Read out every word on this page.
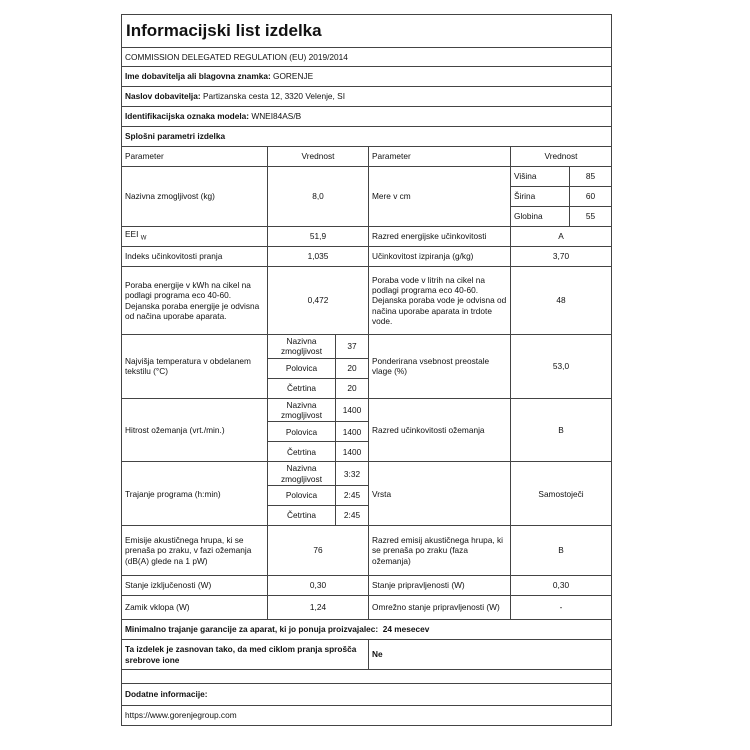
Informacijski list izdelka					
COMMISSION DELEGATED REGULATION (EU) 2019/2014					
Ime dobavitelja ali blagovna znamka: GORENJE					
Naslov dobavitelja: Partizanska cesta 12, 3320 Velenje, SI					
Identifikacijska oznaka modela: WNEI84AS/B					
Splošni parametri izdelka					
Parameter	Vrednost		Parameter	Vrednost	
Nazivna zmogljivost (kg)	8,0		Mere v cm	Višina	85
				Širina	60
				Globina	55
EEI $_W$	51,9		Razred energijske učinkovitosti	A	
Indeks učinkovitosti pranja	1,035		Učinkovitost izpiranja (g/kg)	3,70	
Poraba energije v kWh na cikel na podlagi programa eco 40-60. Dejanska poraba energije je odvisna od načina uporabe aparata.	0,472		Poraba vode v litrih na cikel na podlagi programa eco 40-60. Dejanska poraba vode je odvisna od načina uporabe aparata in trdote vode.	48	
Najvišja temperatura v obdelanem tekstilu (°C)	Nazivna zmogljivost	37	Ponderirana vsebnost preostale vlage (%)	53,0	
	Polovica	20			
	Četrtina	20			
Hitrost ožemanja (vrt./min.)	Nazivna zmogljivost	1400	Razred učinkovitosti ožemanja	B	
	Polovica	1400			
	Četrtina	1400			
Trajanje programa (h:min)	Nazivna zmogljivost	3:32	Vrsta	Samostoječi	
	Polovica	2:45			
	Četrtina	2:45			
Emisije akustičnega hrupa, ki se prenaša po zraku, v fazi ožemanja (dB(A) glede na 1 pW)	76		Razred emisij akustičnega hrupa, ki se prenaša po zraku (faza ožemanja)	B	
Stanje izključenosti (W)	0,30		Stanje pripravljenosti (W)	0,30	
Zamik vklopa (W)	1,24		Omrežno stanje pripravljenosti (W)	-	
Minimalno trajanje garancije za aparat, ki jo ponuja proizvajalec: 24 mesecev					
Ta izdelek je zasnovan tako, da med ciklom pranja sprošča srebrove ione			Ne		

Dodatne informacije:					
https://www.gorenjegroup.com					
